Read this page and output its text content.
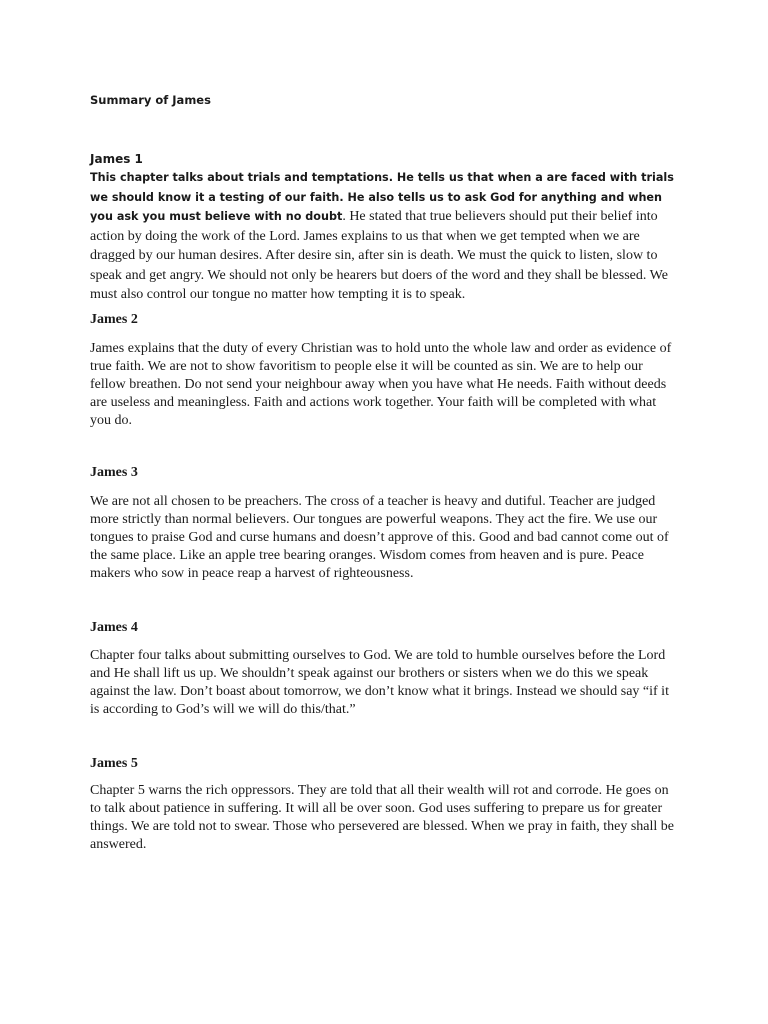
Summary of James
James 1

This chapter talks about trials and temptations. He tells us that when a are faced with trials we should know it a testing of our faith. He also tells us to ask God for anything and when you ask you must believe with no doubt. He stated that true believers should put their belief into action by doing the work of the Lord. James explains to us that when we get tempted when we are dragged by our human desires. After desire sin, after sin is death. We must the quick to listen, slow to speak and get angry. We should not only be hearers but doers of the word and they shall be blessed. We must also control our tongue no matter how tempting it is to speak.

James 2

James explains that the duty of every Christian was to hold unto the whole law and order as evidence of true faith. We are not to show favoritism to people else it will be counted as sin. We are to help our fellow breathen. Do not send your neighbour away when you have what He needs. Faith without deeds are useless and meaningless. Faith and actions work together. Your faith will be completed with what you do.

James 3

We are not all chosen to be preachers. The cross of a teacher is heavy and dutiful. Teacher are judged more strictly than normal believers. Our tongues are powerful weapons. They act the fire. We use our tongues to praise God and curse humans and doesn’t approve of this. Good and bad cannot come out of the same place. Like an apple tree bearing oranges. Wisdom comes from heaven and is pure. Peace makers who sow in peace reap a harvest of righteousness.

James 4

Chapter four talks about submitting ourselves to God. We are told to humble ourselves before the Lord and He shall lift us up. We shouldn’t speak against our brothers or sisters when we do this we speak against the law. Don’t boast about tomorrow, we don’t know what it brings. Instead we should say “if it is according to God’s will we will do this/that.”

James 5

Chapter 5 warns the rich oppressors. They are told that all their wealth will rot and corrode. He goes on to talk about patience in suffering. It will all be over soon. God uses suffering to prepare us for greater things. We are told not to swear. Those who persevered are blessed. When we pray in faith, they shall be answered.
